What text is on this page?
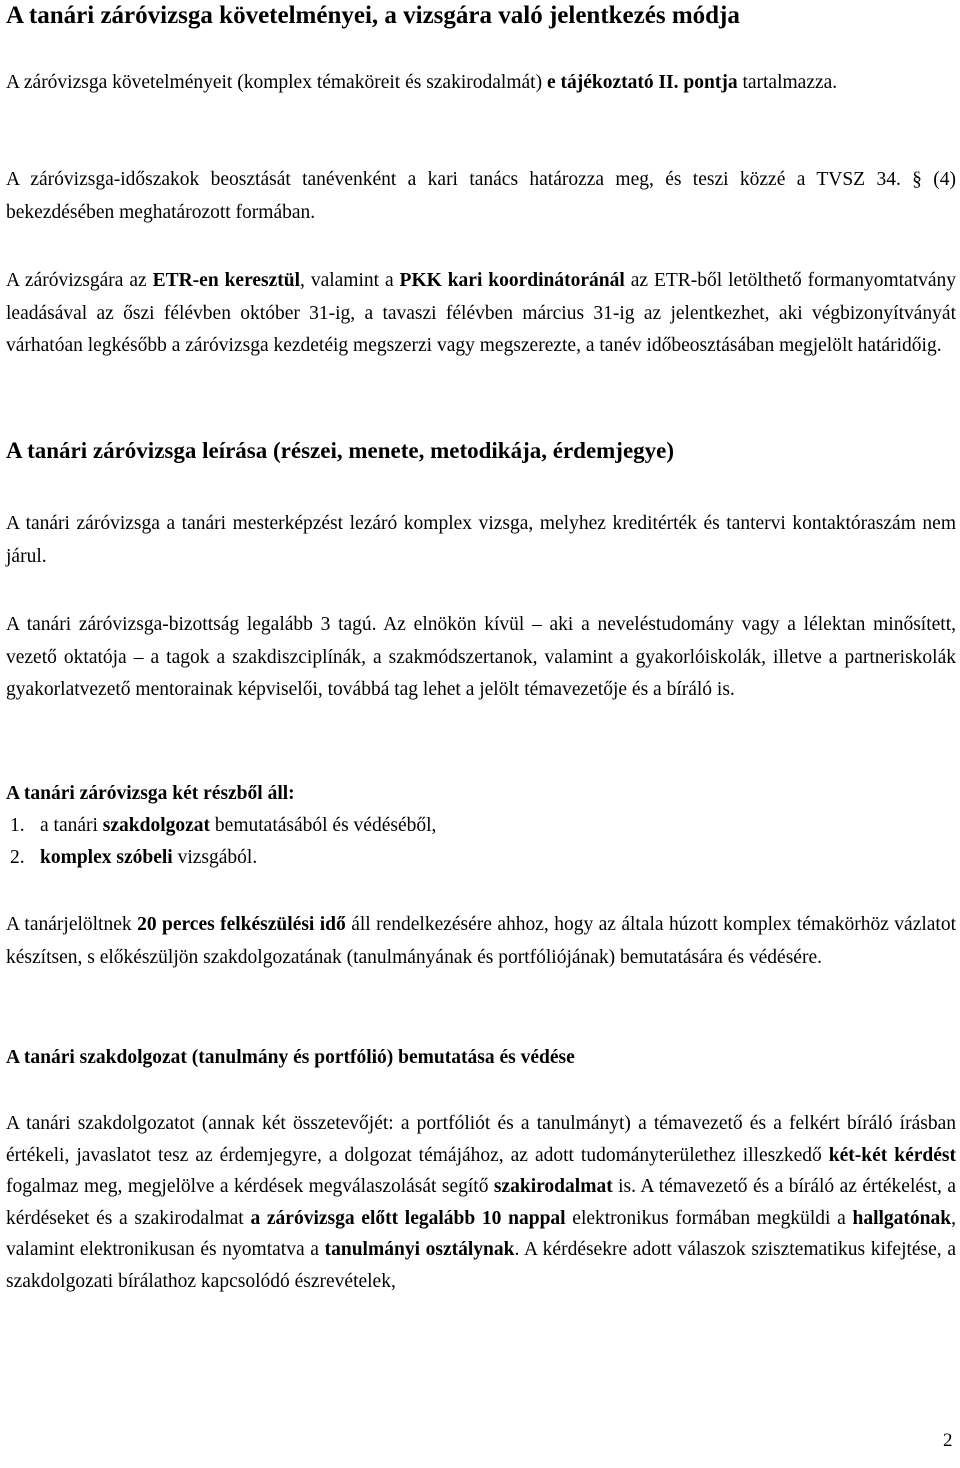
A tanári záróvizsga követelményei, a vizsgára való jelentkezés módja
A záróvizsga követelményeit (komplex témaköreit és szakirodalmát) e tájékoztató II. pontja tartalmazza.
A záróvizsga-időszakok beosztását tanévenként a kari tanács határozza meg, és teszi közzé a TVSZ 34. § (4) bekezdésében meghatározott formában.
A záróvizsgára az ETR-en keresztül, valamint a PKK kari koordinátoránál az ETR-ből letölthető formanyomtatvány leadásával az őszi félévben október 31-ig, a tavaszi félévben március 31-ig az jelentkezhet, aki végbizonyítványát várhatóan legkésőbb a záróvizsga kezdetéig megszerzi vagy megszerezte, a tanév időbeosztásában megjelölt határidőig.
A tanári záróvizsga leírása (részei, menete, metodikája, érdemjegye)
A tanári záróvizsga a tanári mesterképzést lezáró komplex vizsga, melyhez kreditérték és tantervi kontaktóraszám nem járul.
A tanári záróvizsga-bizottság legalább 3 tagú. Az elnökön kívül – aki a neveléstudomány vagy a lélektan minősített, vezető oktatója – a tagok a szakdiszciplínák, a szakmódszertanok, valamint a gyakorlóiskolák, illetve a partneriskolák gyakorlatvezető mentorainak képviselői, továbbá tag lehet a jelölt témavezetője és a bíráló is.
A tanári záróvizsga két részből áll:
1. a tanári szakdolgozat bemutatásából és védéséből,
2. komplex szóbeli vizsgából.
A tanárjelöltnek 20 perces felkészülési idő áll rendelkezésére ahhoz, hogy az általa húzott komplex témakörhöz vázlatot készítsen, s előkészüljön szakdolgozatának (tanulmányának és portfóliójának) bemutatására és védésére.
A tanári szakdolgozat (tanulmány és portfólió) bemutatása és védése
A tanári szakdolgozatot (annak két összetevőjét: a portfóliót és a tanulmányt) a témavezető és a felkért bíráló írásban értékeli, javaslatot tesz az érdemjegyre, a dolgozat témájához, az adott tudományterülethez illeszkedő két-két kérdést fogalmaz meg, megjelölve a kérdések megválaszolását segítő szakirodalmat is. A témavezető és a bíráló az értékelést, a kérdéseket és a szakirodalmat a záróvizsga előtt legalább 10 nappal elektronikus formában megküldi a hallgatónak, valamint elektronikusan és nyomtatva a tanulmányi osztálynak. A kérdésekre adott válaszok szisztematikus kifejtése, a szakdolgozati bírálathoz kapcsolódó észrevételek,
2
